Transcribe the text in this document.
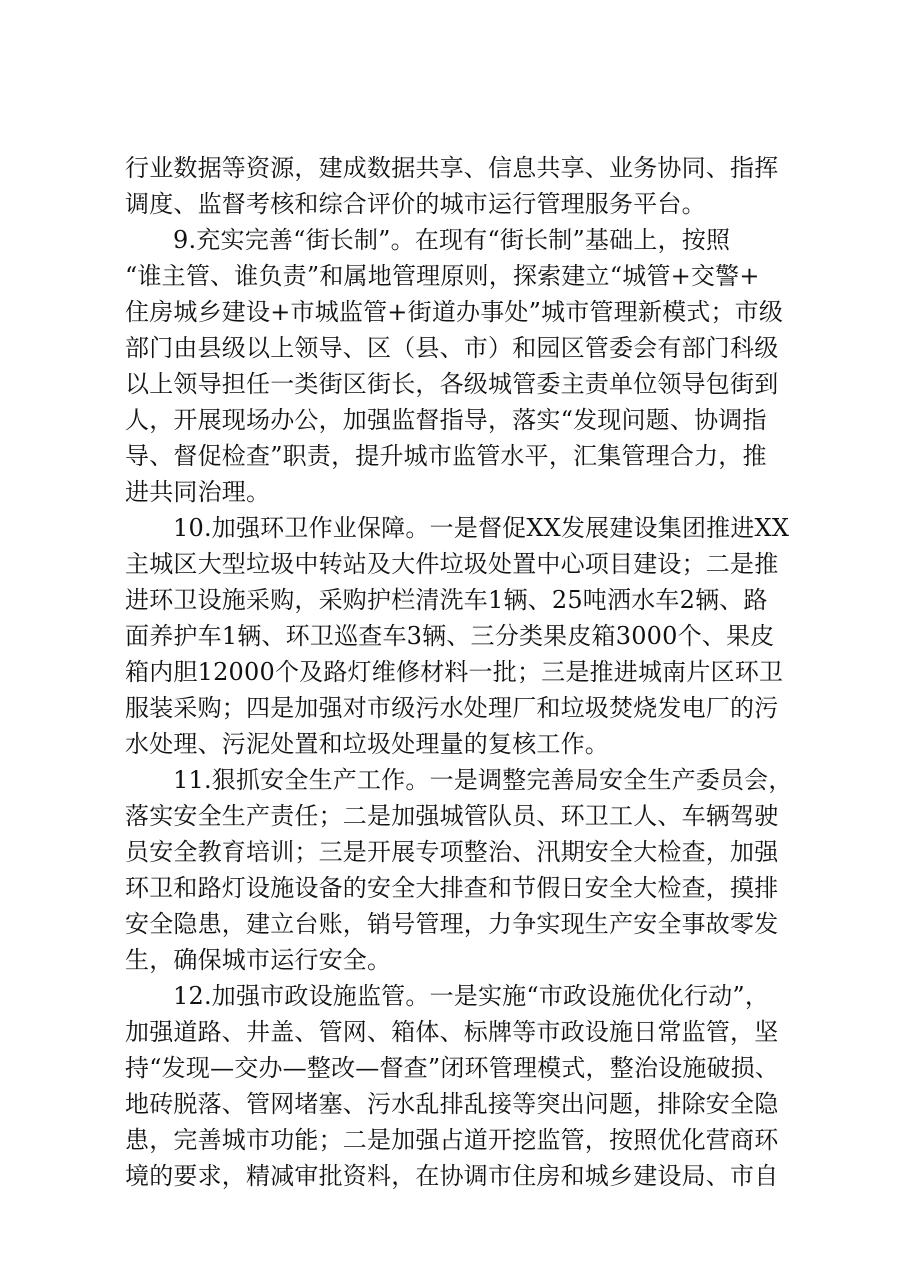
行业数据等资源，建成数据共享、信息共享、业务协同、指挥
调度、监督考核和综合评价的城市运行管理服务平台。
9.充实完善“街长制”。在现有“街长制”基础上，按照
“谁主管、谁负责”和属地管理原则，探索建立“城管+交警+
住房城乡建设+市城监管+街道办事处”城市管理新模式；市级
部门由县级以上领导、区（县、市）和园区管委会有部门科级
以上领导担任一类街区街长，各级城管委主责单位领导包街到
人，开展现场办公，加强监督指导，落实“发现问题、协调指
导、督促检查”职责，提升城市监管水平，汇集管理合力，推
进共同治理。
10.加强环卫作业保障。一是督促XX发展建设集团推进XX
主城区大型垃圾中转站及大件垃圾处置中心项目建设；二是推
进环卫设施采购，采购护栏清洗车1辆、25吨洒水车2辆、路
面养护车1辆、环卫巡查车3辆、三分类果皮箱3000个、果皮
箱内胆12000个及路灯维修材料一批；三是推进城南片区环卫
服装采购；四是加强对市级污水处理厂和垃圾焚烧发电厂的污
水处理、污泥处置和垃圾处理量的复核工作。
11.狠抓安全生产工作。一是调整完善局安全生产委员会，
落实安全生产责任；二是加强城管队员、环卫工人、车辆驾驶
员安全教育培训；三是开展专项整治、汛期安全大检查，加强
环卫和路灯设施设备的安全大排查和节假日安全大检查，摸排
安全隐患，建立台账，销号管理，力争实现生产安全事故零发
生，确保城市运行安全。
12.加强市政设施监管。一是实施“市政设施优化行动”，
加强道路、井盖、管网、箱体、标牌等市政设施日常监管，坚
持“发现—交办—整改—督查”闭环管理模式，整治设施破损、
地砖脱落、管网堵塞、污水乱排乱接等突出问题，排除安全隐
患，完善城市功能；二是加强占道开挖监管，按照优化营商环
境的要求，精减审批资料，在协调市住房和城乡建设局、市自
